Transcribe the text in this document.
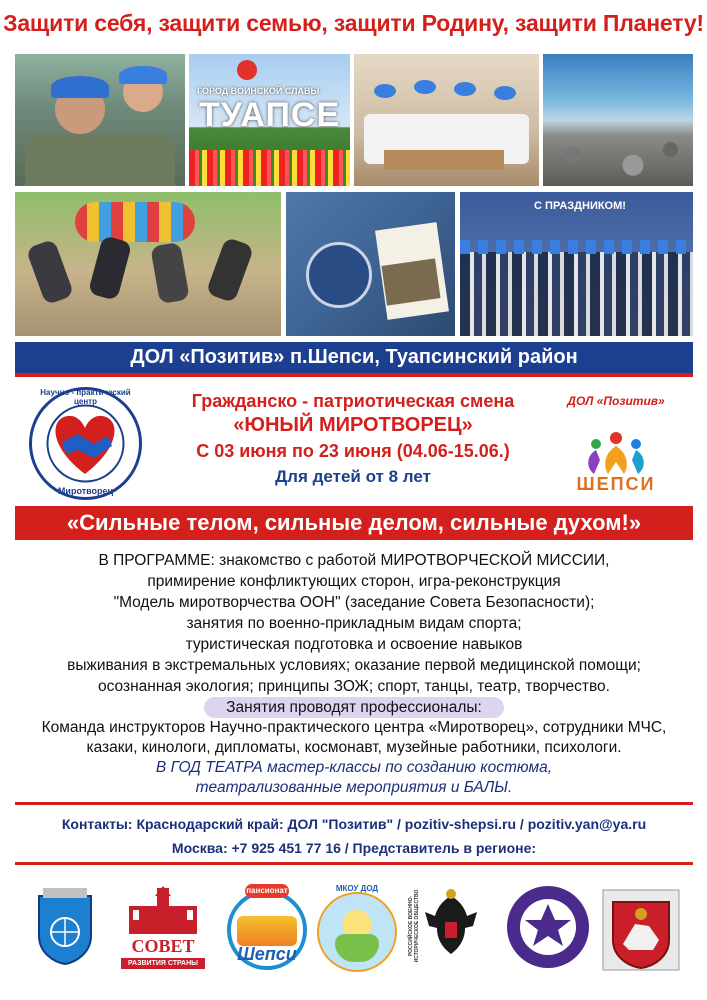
Защити себя, защити семью, защити Родину, защити Планету!
ГОРОД ВОИНСКОЙ СЛАВЫ
ТУАПСЕ
С ПРАЗДНИКОМ!
ДОЛ «Позитив» п.Шепси, Туапсинский район
Научно - практический центр
Миротворец
Гражданско - патриотическая смена
«ЮНЫЙ МИРОТВОРЕЦ»
С 03 июня по 23 июня (04.06-15.06.)
Для детей от 8 лет
ДОЛ «Позитив»
ШЕПСИ
«Сильные телом, сильные делом, сильные духом!»
В ПРОГРАММЕ: знакомство с работой МИРОТВОРЧЕСКОЙ МИССИИ,
примирение конфликтующих сторон, игра-реконструкция
"Модель миротворчества ООН" (заседание Совета Безопасности);
занятия по военно-прикладным видам спорта;
туристическая подготовка и освоение навыков
выживания в экстремальных условиях; оказание первой медицинской помощи;
осознанная экология; принципы ЗОЖ; спорт, танцы, театр, творчество.
Занятия проводят профессионалы:
Команда инструкторов Научно-практического центра «Миротворец», сотрудники МЧС,
казаки, кинологи, дипломаты, космонавт, музейные работники, психологи.
В ГОД ТЕАТРА мастер-классы по созданию костюма,
театрализованные мероприятия и БАЛЫ.
Контакты: Краснодарский край: ДОЛ "Позитив" / pozitiv-shepsi.ru / pozitiv.yan@ya.ru
Москва: +7 925 451 77 16 / Представитель в регионе:
СОВЕТ
РАЗВИТИЯ СТРАНЫ
пансионат
Шепси
МКОУ ДОД
РОССИЙСКОЕ ВОЕННО-ИСТОРИЧЕСКОЕ ОБЩЕСТВО
